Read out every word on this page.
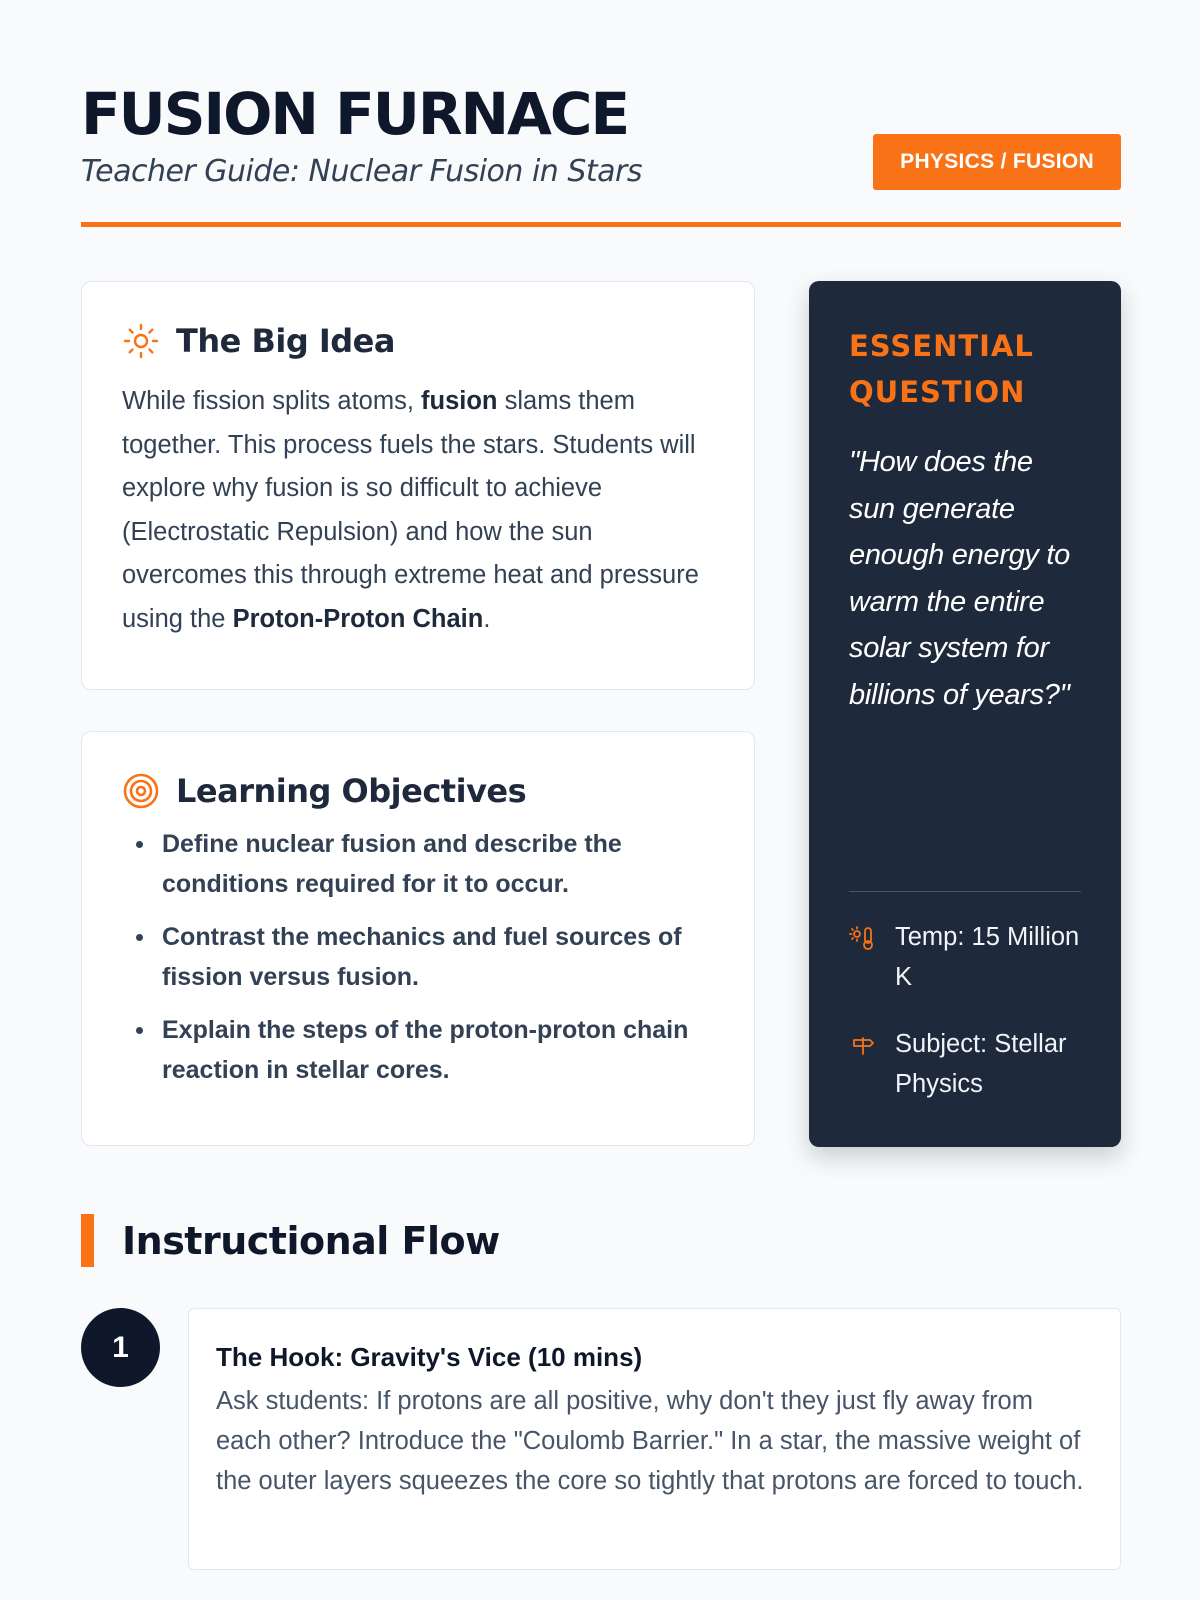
FUSION FURNACE
Teacher Guide: Nuclear Fusion in Stars	PHYSICS / FUSION
The Big Idea

While fission splits atoms, fusion slams them together. This process fuels the stars. Students will explore why fusion is so difficult to achieve (Electrostatic Repulsion) and how the sun overcomes this through extreme heat and pressure using the Proton-Proton Chain.

Learning Objectives
Define nuclear fusion and describe the conditions required for it to occur.
Contrast the mechanics and fuel sources of fission versus fusion.
Explain the steps of the proton-proton chain reaction in stellar cores.
ESSENTIAL QUESTION
"How does the sun generate enough energy to warm the entire solar system for billions of years?"
Temp: 15 Million K
Subject: Stellar Physics
Instructional Flow
1	The Hook: Gravity's Vice (10 mins)
Ask students: If protons are all positive, why don't they just fly away from each other? Introduce the "Coulomb Barrier." In a star, the massive weight of the outer layers squeezes the core so tightly that protons are forced to touch.
